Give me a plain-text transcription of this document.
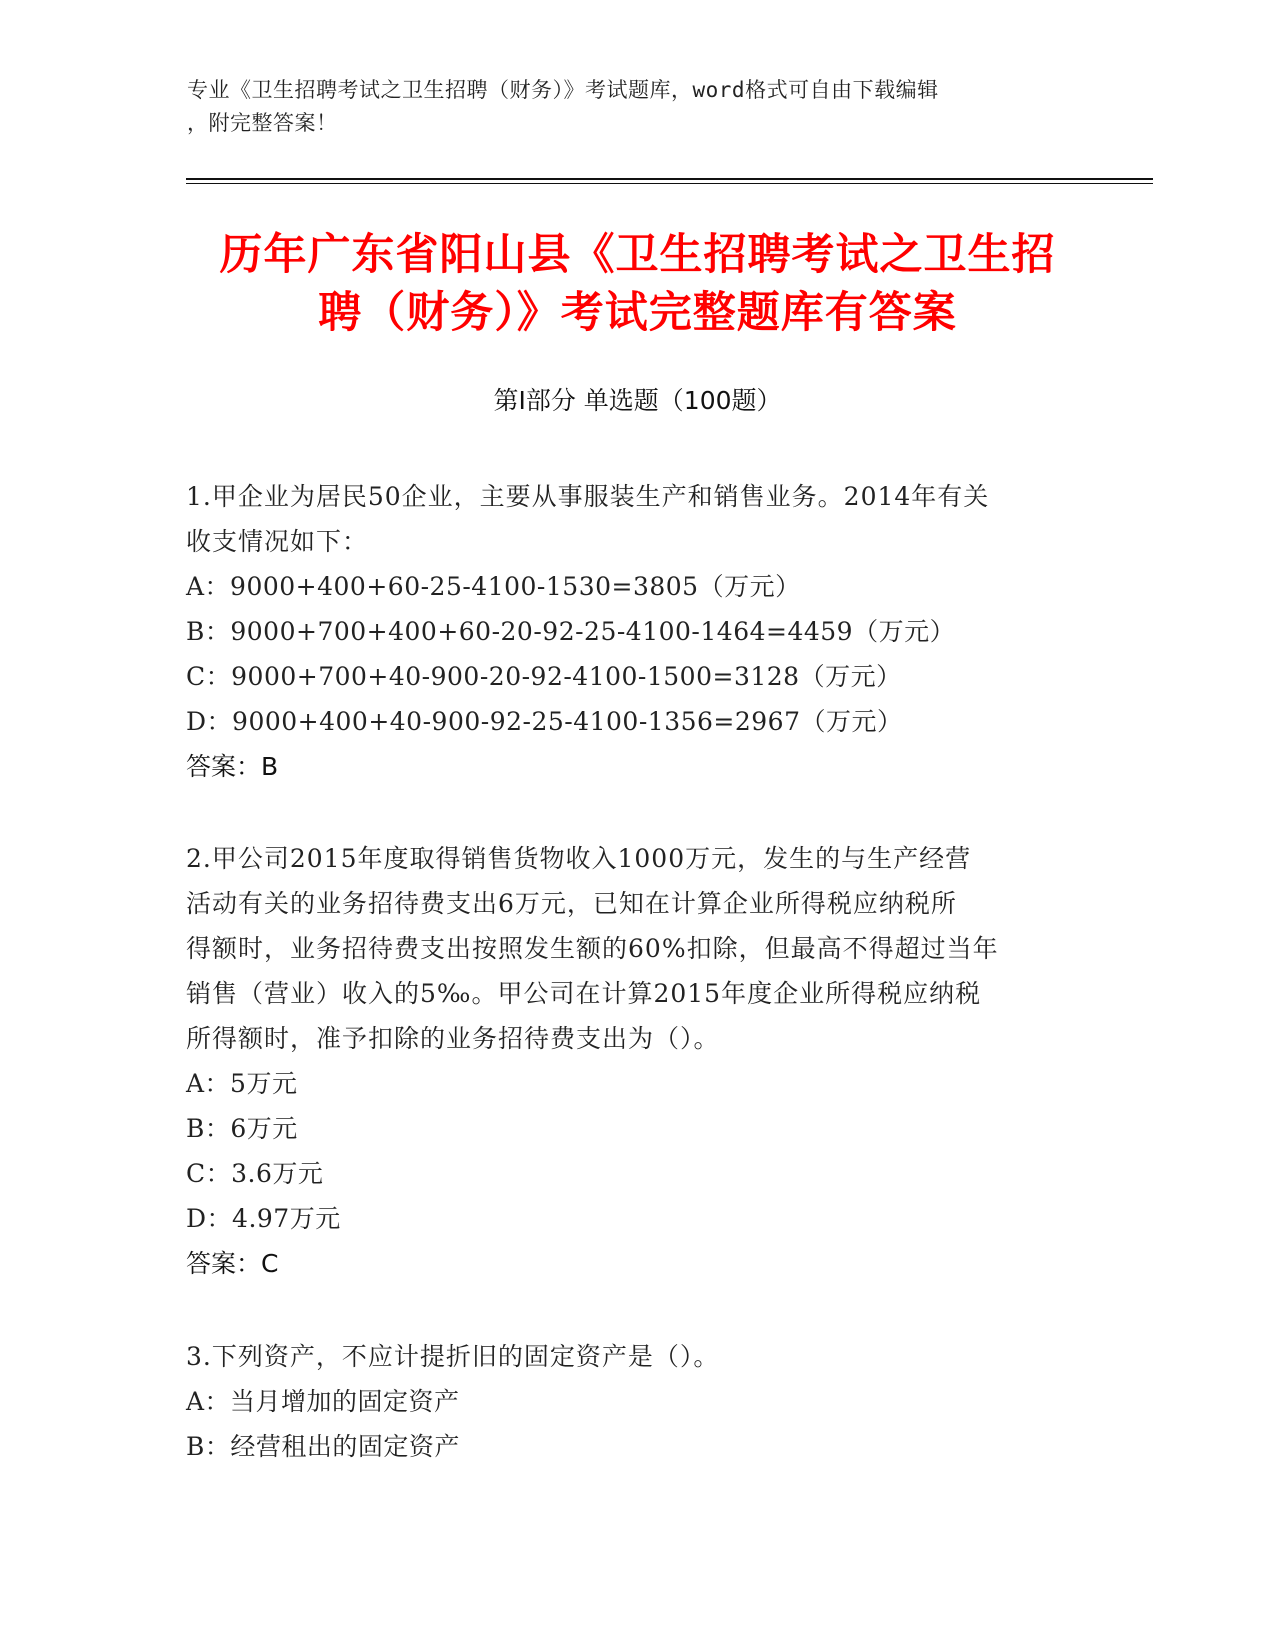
专业《卫生招聘考试之卫生招聘（财务）》考试题库，word格式可自由下载编辑
，附完整答案！
历年广东省阳山县《卫生招聘考试之卫生招
聘（财务）》考试完整题库有答案
第Ⅰ部分 单选题（100题）
1.甲企业为居民50企业，主要从事服装生产和销售业务。2014年有关
收支情况如下：
A：9000+400+60-25-4100-1530=3805（万元）
B：9000+700+400+60-20-92-25-4100-1464=4459（万元）
C：9000+700+40-900-20-92-4100-1500=3128（万元）
D：9000+400+40-900-92-25-4100-1356=2967（万元）
答案：B
2.甲公司2015年度取得销售货物收入1000万元，发生的与生产经营
活动有关的业务招待费支出6万元，已知在计算企业所得税应纳税所
得额时，业务招待费支出按照发生额的60%扣除，但最高不得超过当年
销售（营业）收入的5‰。甲公司在计算2015年度企业所得税应纳税
所得额时，准予扣除的业务招待费支出为（）。
A：5万元
B：6万元
C：3.6万元
D：4.97万元
答案：C
3.下列资产，不应计提折旧的固定资产是（）。
A：当月增加的固定资产
B：经营租出的固定资产
